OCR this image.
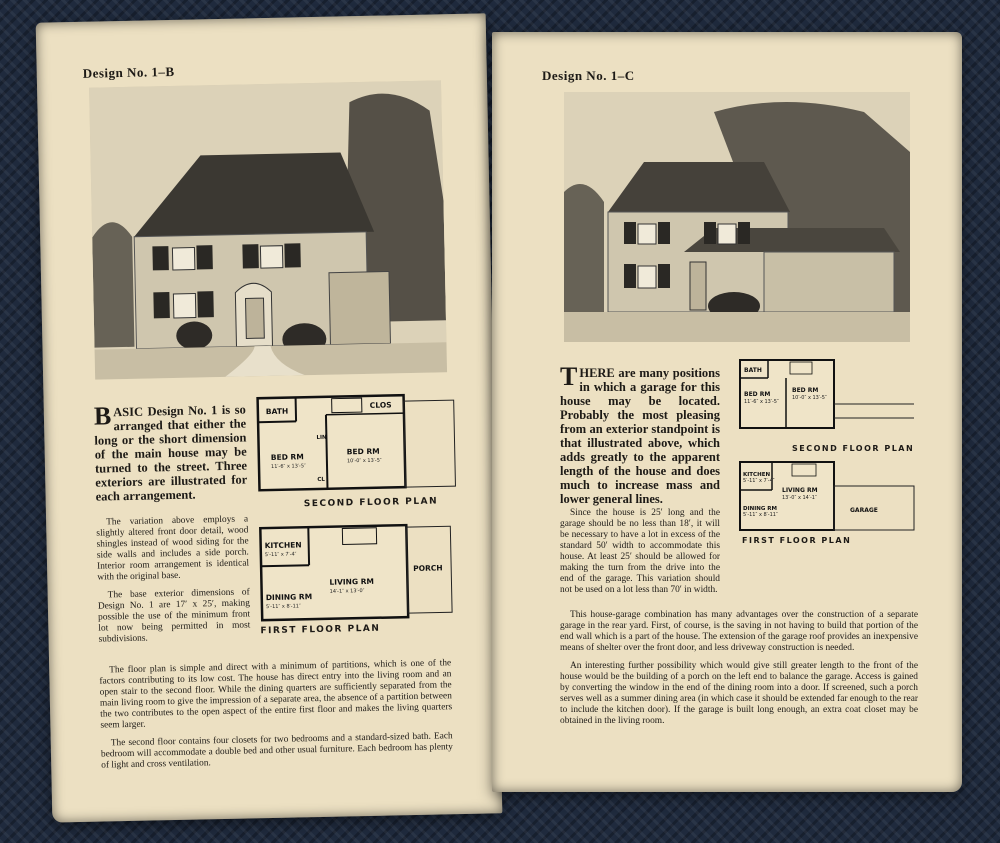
Design No. 1–B
BASIC Design No. 1 is so arranged that either the long or the short dimension of the main house may be turned to the street. Three exteriors are illustrated for each arrangement.

The variation above employs a slightly altered front door detail, wood shingles instead of wood siding for the side walls and includes a side porch. Interior room arrangement is identical with the original base.

The base exterior dimensions of Design No. 1 are 17′ x 25′, making possible the use of the minimum front lot now being permitted in most subdivisions.

The floor plan is simple and direct with a minimum of partitions, which is one of the factors contributing to its low cost. The house has direct entry into the living room and an open stair to the second floor. While the dining quarters are sufficiently separated from the main living room to give the impression of a separate area, the absence of a partition between the two contributes to the open aspect of the entire first floor and makes the living quarters seem larger.

The second floor contains four closets for two bedrooms and a standard-sized bath. Each bedroom will accommodate a double bed and other usual furniture. Each bedroom has plenty of light and cross ventilation.

BATH
CLOS
LIN
CL
BED RM
11′-6″ x 13′-5″
BED RM
10′-0″ x 13′-5″
SECOND FLOOR PLAN
KITCHEN
5′-11″ x 7′-4″
LIVING RM
14′-1″ x 13′-0″
DINING RM
5′-11″ x 8′-11″
PORCH
FIRST FLOOR PLAN
Design No. 1–C
THERE are many positions in which a garage for this house may be located. Probably the most pleasing from an exterior standpoint is that illustrated above, which adds greatly to the apparent length of the house and does much to increase mass and lower general lines.

Since the house is 25′ long and the garage should be no less than 18′, it will be necessary to have a lot in excess of the standard 50′ width to accommodate this house. At least 25′ should be allowed for making the turn from the drive into the end of the garage. This variation should not be used on a lot less than 70′ in width.

This house-garage combination has many advantages over the construction of a separate garage in the rear yard. First, of course, is the saving in not having to build that portion of the end wall which is a part of the house. The extension of the garage roof provides an inexpensive means of shelter over the front door, and less driveway construction is needed.

An interesting further possibility which would give still greater length to the front of the house would be the building of a porch on the left end to balance the garage. Access is gained by converting the window in the end of the dining room into a door. If screened, such a porch serves well as a summer dining area (in which case it should be extended far enough to the rear to include the kitchen door). If the garage is built long enough, an extra coat closet may be obtained in the living room.

BATH
BED RM
11′-6″ x 13′-5″
BED RM
10′-0″ x 13′-5″
SECOND FLOOR PLAN
KITCHEN
5′-11″ x 7′-4″
LIVING RM
13′-0″ x 14′-1″
DINING RM
5′-11″ x 8′-11″
GARAGE
FIRST FLOOR PLAN
